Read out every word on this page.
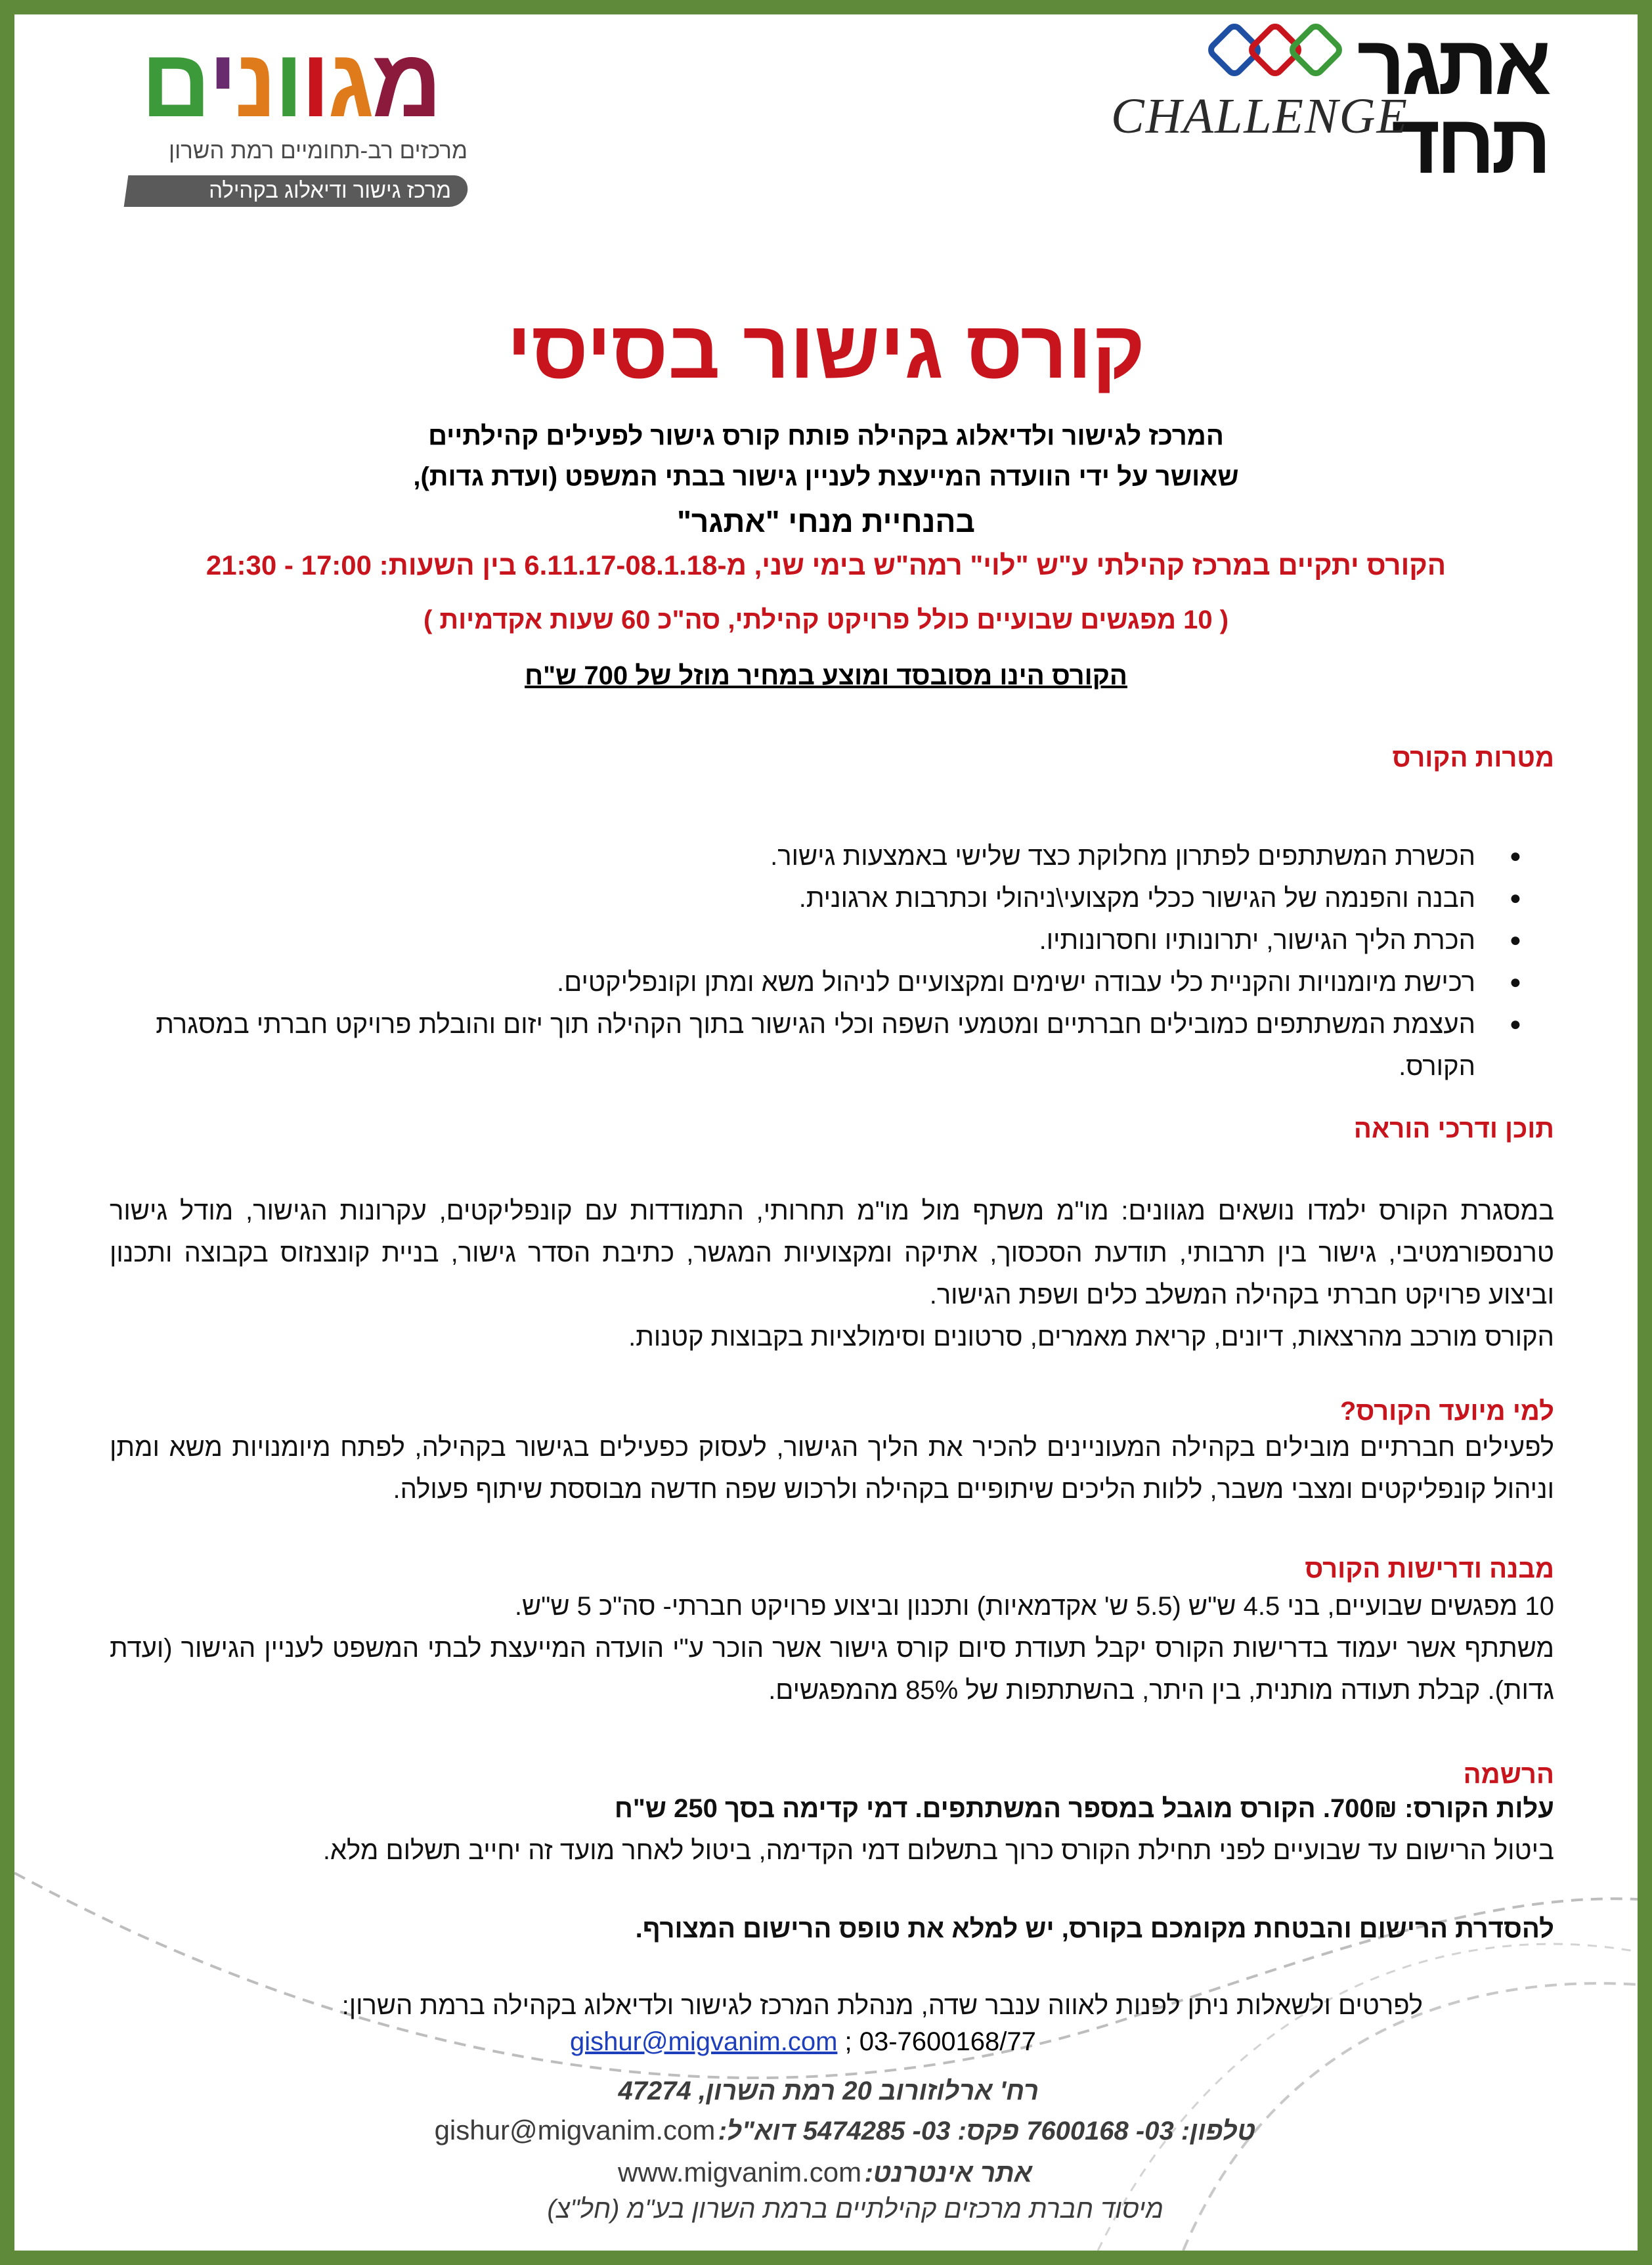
אתגר  תחד
CHALLENGE
מגוונים
מרכזים רב-תחומיים רמת השרון
מרכז גישור ודיאלוג בקהילה
קורס גישור בסיסי
המרכז לגישור ולדיאלוג בקהילה פותח קורס גישור לפעילים קהילתיים
שאושר על ידי הוועדה המייעצת לעניין גישור בבתי המשפט (ועדת גדות),
בהנחיית מנחי "אתגר"
הקורס יתקיים במרכז קהילתי ע"ש "לוי" רמה"ש בימי שני, מ-6.11.17-08.1.18 בין השעות: 17:00 - 21:30
( 10 מפגשים שבועיים כולל פרויקט קהילתי, סה"כ 60 שעות אקדמיות )
הקורס הינו מסובסד ומוצע במחיר מוזל של 700 ש"ח
מטרות הקורס
● הכשרת המשתתפים לפתרון מחלוקת כצד שלישי באמצעות גישור.
● הבנה והפנמה של הגישור ככלי מקצועי\ניהולי וכתרבות ארגונית.
● הכרת הליך הגישור, יתרונותיו וחסרונותיו.
● רכישת מיומנויות והקניית כלי עבודה ישימים ומקצועיים לניהול משא ומתן וקונפליקטים.
● העצמת המשתתפים כמובילים חברתיים ומטמעי השפה וכלי הגישור בתוך הקהילה תוך יזום והובלת פרויקט חברתי במסגרת הקורס.
תוכן ודרכי הוראה
במסגרת הקורס ילמדו נושאים מגוונים: מו"מ משתף מול מו"מ תחרותי, התמודדות עם קונפליקטים, עקרונות הגישור, מודל גישור טרנספורמטיבי, גישור בין תרבותי, תודעת הסכסוך, אתיקה ומקצועיות המגשר, כתיבת הסדר גישור, בניית קונצנזוס בקבוצה ותכנון וביצוע פרויקט חברתי בקהילה המשלב כלים ושפת הגישור.
הקורס מורכב מהרצאות, דיונים, קריאת מאמרים, סרטונים וסימולציות בקבוצות קטנות.
למי מיועד הקורס?
לפעילים חברתיים מובילים בקהילה המעוניינים להכיר את הליך הגישור, לעסוק כפעילים בגישור בקהילה, לפתח מיומנויות משא ומתן וניהול קונפליקטים ומצבי משבר, ללוות הליכים שיתופיים בקהילה ולרכוש שפה חדשה מבוססת שיתוף פעולה.
מבנה ודרישות הקורס
10 מפגשים שבועיים, בני 4.5 ש"ש (5.5 ש' אקדמאיות) ותכנון וביצוע פרויקט חברתי- סה"כ 5 ש"ש.
משתתף אשר יעמוד בדרישות הקורס יקבל תעודת סיום קורס גישור אשר הוכר ע"י הועדה המייעצת לבתי המשפט לעניין הגישור (ועדת גדות). קבלת תעודה מותנית, בין היתר, בהשתתפות של 85% מהמפגשים.
הרשמה
עלות הקורס: 700₪. הקורס מוגבל במספר המשתתפים. דמי קדימה בסך 250 ש"ח
ביטול הרישום עד שבועיים לפני תחילת הקורס כרוך בתשלום דמי הקדימה, ביטול לאחר מועד זה יחייב תשלום מלא.
להסדרת הרישום והבטחת מקומכם בקורס, יש למלא את טופס הרישום המצורף.
לפרטים ולשאלות ניתן לפנות לאווה ענבר שדה, מנהלת המרכז לגישור ולדיאלוג בקהילה ברמת השרון:
gishur@migvanim.com ; 03-7600168/77
רח' ארלוזורוב 20 רמת השרון, 47274
טלפון: 03- 7600168 פקס: 03- 5474285 דוא"ל: gishur@migvanim.com
אתר אינטרנט: www.migvanim.com
מיסוד חברת מרכזים קהילתיים ברמת השרון בע"מ (חל"צ)
